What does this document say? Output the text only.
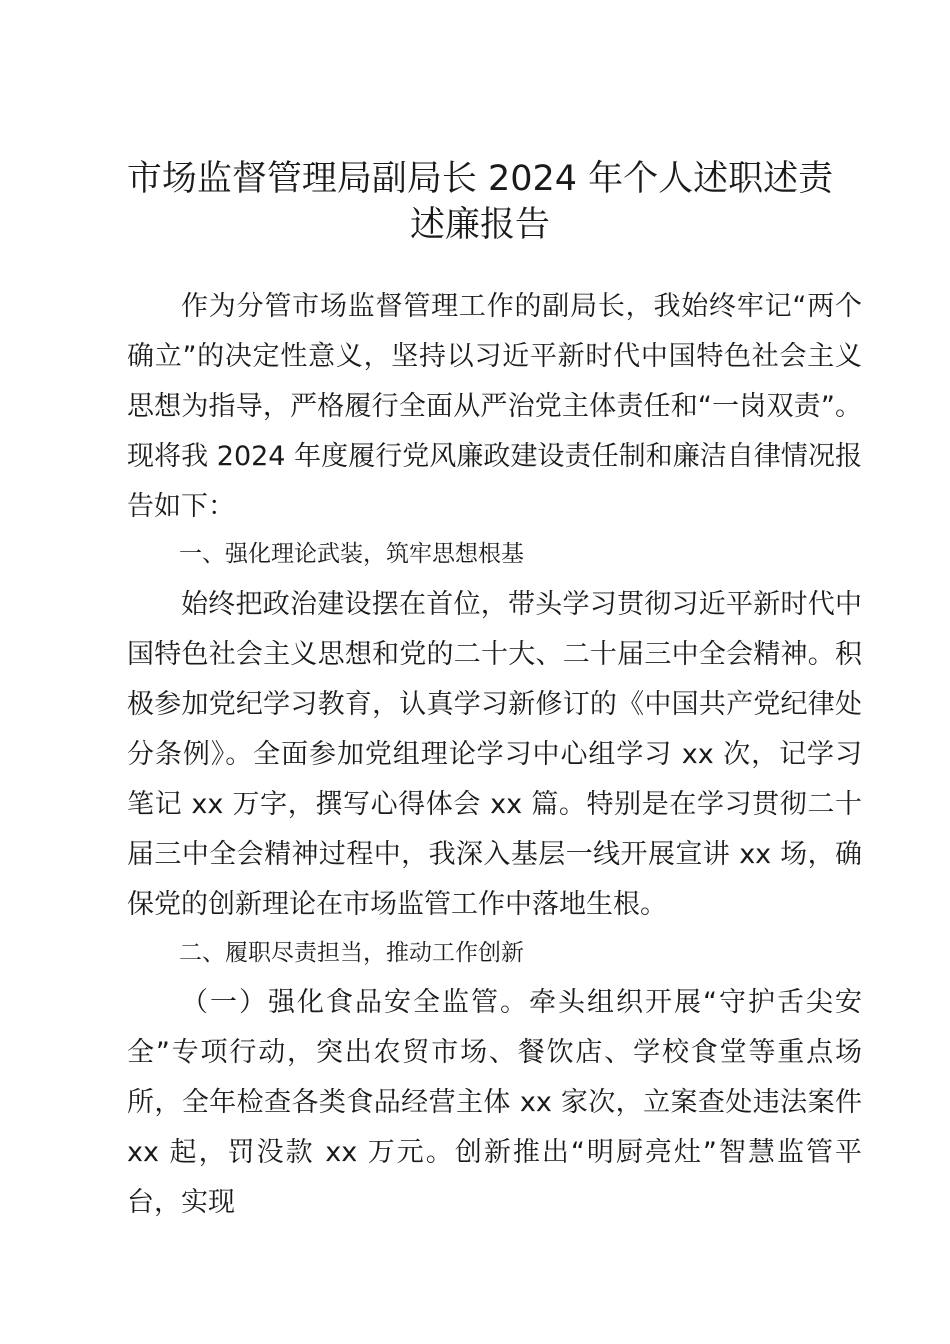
市场监督管理局副局长 2024 年个人述职述责述廉报告

作为分管市场监督管理工作的副局长，我始终牢记“两个确立”的决定性意义，坚持以习近平新时代中国特色社会主义思想为指导，严格履行全面从严治党主体责任和“一岗双责”。现将我 2024 年度履行党风廉政建设责任制和廉洁自律情况报告如下：

一、强化理论武装，筑牢思想根基

始终把政治建设摆在首位，带头学习贯彻习近平新时代中国特色社会主义思想和党的二十大、二十届三中全会精神。积极参加党纪学习教育，认真学习新修订的《中国共产党纪律处分条例》。全面参加党组理论学习中心组学习 xx 次，记学习笔记 xx 万字，撰写心得体会 xx 篇。特别是在学习贯彻二十届三中全会精神过程中，我深入基层一线开展宣讲 xx 场，确保党的创新理论在市场监管工作中落地生根。

二、履职尽责担当，推动工作创新

（一）强化食品安全监管。牵头组织开展“守护舌尖安全”专项行动，突出农贸市场、餐饮店、学校食堂等重点场所，全年检查各类食品经营主体 xx 家次，立案查处违法案件 xx 起，罚没款 xx 万元。创新推出“明厨亮灶”智慧监管平台，实现
